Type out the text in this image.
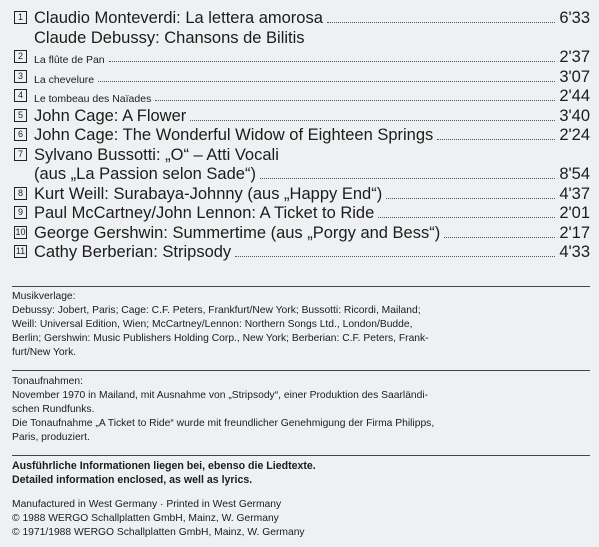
1 Claudio Monteverdi: La lettera amorosa	6'33
Claude Debussy: Chansons de Bilitis
2	La flûte de Pan	2'37
3	La chevelure	3'07
4	Le tombeau des Naïades	2'44
5 John Cage: A Flower	3'40
6 John Cage: The Wonderful Widow of Eighteen Springs	2'24
7 Sylvano Bussotti: „O“ – Atti Vocali
(aus „La Passion selon Sade“)	8'54
8 Kurt Weill: Surabaya-Johnny (aus „Happy End“)	4'37
9 Paul McCartney/John Lennon: A Ticket to Ride	2'01
10 George Gershwin: Summertime (aus „Porgy and Bess“)	2'17
11 Cathy Berberian: Stripsody	4'33
Musikverlage:
Debussy: Jobert, Paris; Cage: C.F. Peters, Frankfurt/New York; Bussotti: Ricordi, Mailand;
Weill: Universal Edition, Wien; McCartney/Lennon: Northern Songs Ltd., London/Budde,
Berlin; Gershwin: Music Publishers Holding Corp., New York; Berberian: C.F. Peters, Frank-
furt/New York.
Tonaufnahmen:
November 1970 in Mailand, mit Ausnahme von „Stripsody“, einer Produktion des Saarländi-
schen Rundfunks.
Die Tonaufnahme „A Ticket to Ride“ wurde mit freundlicher Genehmigung der Firma Philipps,
Paris, produziert.
Ausführliche Informationen liegen bei, ebenso die Liedtexte.
Detailed information enclosed, as well as lyrics.
Manufactured in West Germany · Printed in West Germany
© 1988 WERGO Schallplatten GmbH, Mainz, W. Germany
© 1971/1988 WERGO Schallplatten GmbH, Mainz, W. Germany
